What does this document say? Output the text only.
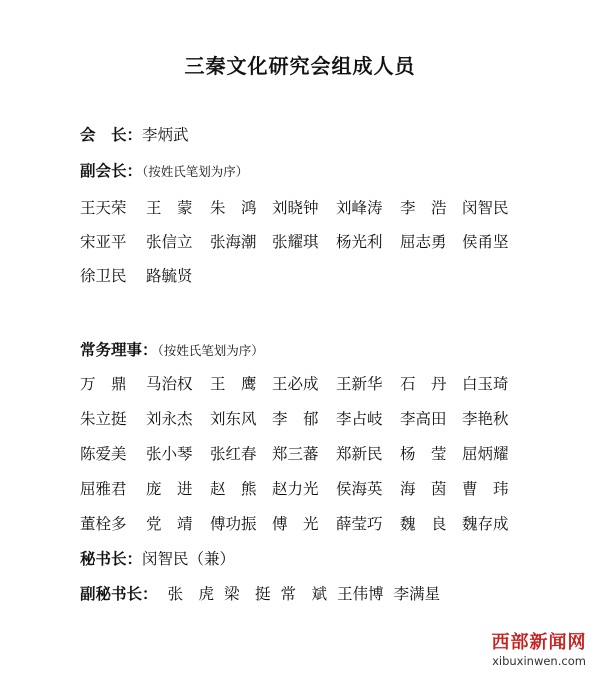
三秦文化研究会组成人员
会　长：李炳武
副会长：（按姓氏笔划为序）
王天荣 王　蒙 朱　鸿 刘晓钟 刘峰涛 李　浩 闵智民
宋亚平 张信立 张海潮 张耀琪 杨光利 屈志勇 侯甬坚
徐卫民 路毓贤
常务理事：（按姓氏笔划为序）
万　鼎 马治权 王　鹰 王必成 王新华 石　丹 白玉琦
朱立挺 刘永杰 刘东风 李　郁 李占岐 李高田 李艳秋
陈爱美 张小琴 张红春 郑三蕃 郑新民 杨　莹 屈炳耀
屈雅君 庞　进 赵　熊 赵力光 侯海英 海　茵 曹　玮
董栓多 党　靖 傅功振 傅　光 薛莹巧 魏　良 魏存成
秘书长：闵智民（兼）
副秘书长： 张　虎 梁　挺 常　斌 王伟博 李满星
西部新闻网
xibuxinwen.com
